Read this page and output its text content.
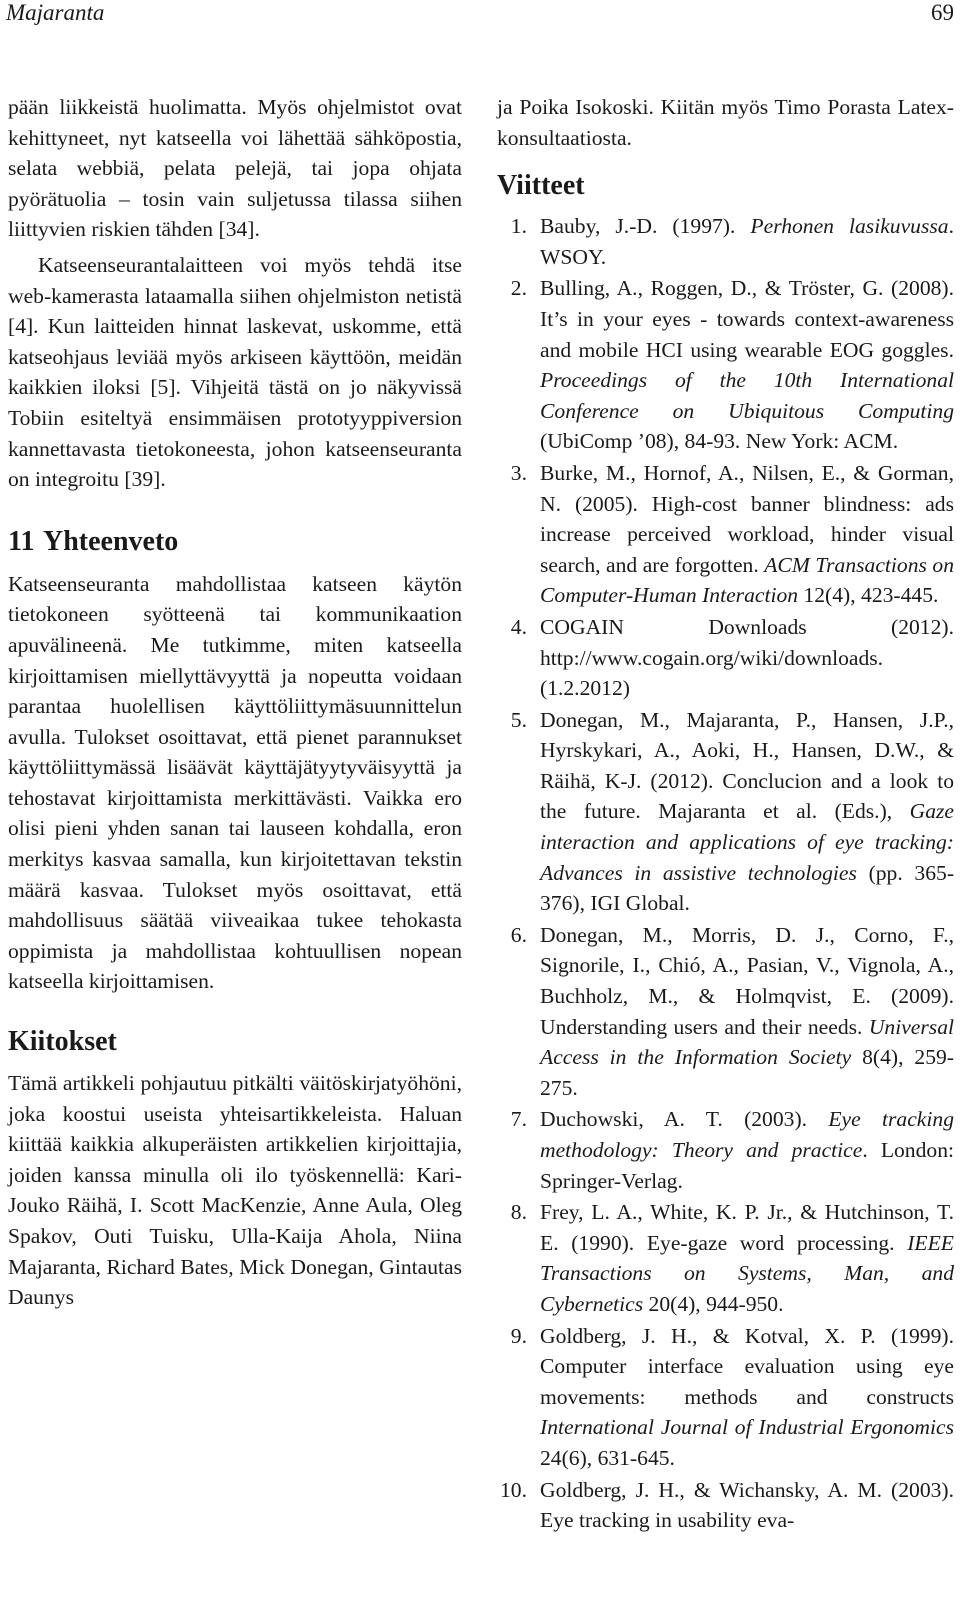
Majaranta	69

pään liikkeistä huolimatta. Myös ohjelmistot ovat kehittyneet, nyt katseella voi lähettää sähköpostia, selata webbiä, pelata pelejä, tai jopa ohjata pyörätuolia – tosin vain suljetussa tilassa siihen liittyvien riskien tähden [34].

Katseenseurantalaitteen voi myös tehdä itse web-kamerasta lataamalla siihen ohjelmiston netistä [4]. Kun laitteiden hinnat laskevat, uskomme, että katseohjaus leviää myös arkiseen käyttöön, meidän kaikkien iloksi [5]. Vihjeitä tästä on jo näkyvissä Tobiin esiteltyä ensimmäisen prototyyppiversion kannettavasta tietokoneesta, johon katseenseuranta on integroitu [39].

11 Yhteenveto

Katseenseuranta mahdollistaa katseen käytön tietokoneen syötteenä tai kommunikaation apuvälineenä. Me tutkimme, miten katseella kirjoittamisen miellyttävyyttä ja nopeutta voidaan parantaa huolellisen käyttöliittymäsuunnittelun avulla. Tulokset osoittavat, että pienet parannukset käyttöliittymässä lisäävät käyttäjätyytyväisyyttä ja tehostavat kirjoittamista merkittävästi. Vaikka ero olisi pieni yhden sanan tai lauseen kohdalla, eron merkitys kasvaa samalla, kun kirjoitettavan tekstin määrä kasvaa. Tulokset myös osoittavat, että mahdollisuus säätää viiveaikaa tukee tehokasta oppimista ja mahdollistaa kohtuullisen nopean katseella kirjoittamisen.

Kiitokset

Tämä artikkeli pohjautuu pitkälti väitöskirjatyöhöni, joka koostui useista yhteisartikkeleista. Haluan kiittää kaikkia alkuperäisten artikkelien kirjoittajia, joiden kanssa minulla oli ilo työskennellä: Kari-Jouko Räihä, I. Scott MacKenzie, Anne Aula, Oleg Spakov, Outi Tuisku, Ulla-Kaija Ahola, Niina Majaranta, Richard Bates, Mick Donegan, Gintautas Daunys

ja Poika Isokoski. Kiitän myös Timo Porasta Latex-konsultaatiosta.

Viitteet
1. Bauby, J.-D. (1997). Perhonen lasikuvussa. WSOY.
2. Bulling, A., Roggen, D., & Tröster, G. (2008). It’s in your eyes - towards context-awareness and mobile HCI using wearable EOG goggles. Proceedings of the 10th International Conference on Ubiquitous Computing (UbiComp ’08), 84-93. New York: ACM.
3. Burke, M., Hornof, A., Nilsen, E., & Gorman, N. (2005). High-cost banner blindness: ads increase perceived workload, hinder visual search, and are forgotten. ACM Transactions on Computer-Human Interaction 12(4), 423-445.
4. COGAIN Downloads (2012). http://www.cogain.org/wiki/downloads. (1.2.2012)
5. Donegan, M., Majaranta, P., Hansen, J.P., Hyrskykari, A., Aoki, H., Hansen, D.W., & Räihä, K-J. (2012). Conclucion and a look to the future. Majaranta et al. (Eds.), Gaze interaction and applications of eye tracking: Advances in assistive technologies (pp. 365-376), IGI Global.
6. Donegan, M., Morris, D. J., Corno, F., Signorile, I., Chió, A., Pasian, V., Vignola, A., Buchholz, M., & Holmqvist, E. (2009). Understanding users and their needs. Universal Access in the Information Society 8(4), 259-275.
7. Duchowski, A. T. (2003). Eye tracking methodology: Theory and practice. London: Springer-Verlag.
8. Frey, L. A., White, K. P. Jr., & Hutchinson, T. E. (1990). Eye-gaze word processing. IEEE Transactions on Systems, Man, and Cybernetics 20(4), 944-950.
9. Goldberg, J. H., & Kotval, X. P. (1999). Computer interface evaluation using eye movements: methods and constructs International Journal of Industrial Ergonomics 24(6), 631-645.
10. Goldberg, J. H., & Wichansky, A. M. (2003). Eye tracking in usability eva-
